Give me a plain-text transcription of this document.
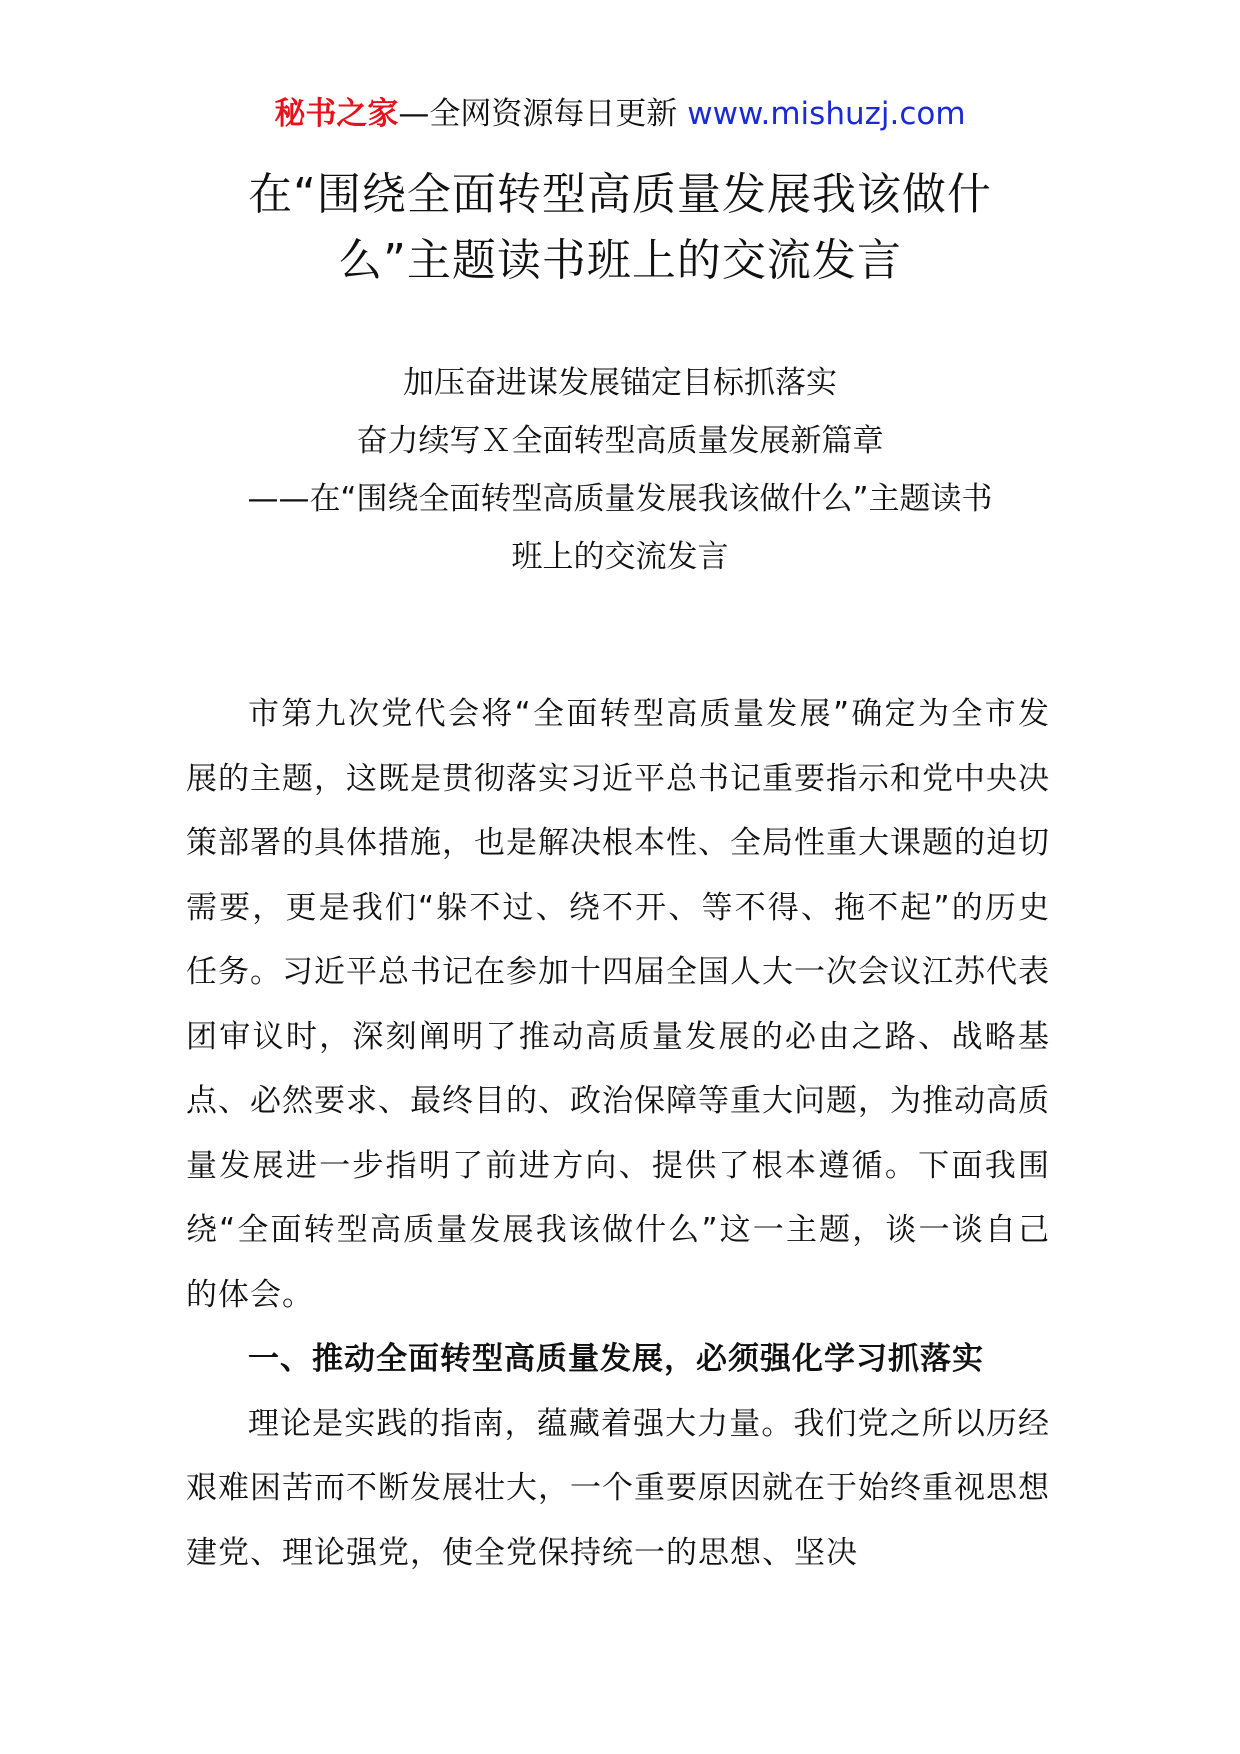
秘书之家—全网资源每日更新 www.mishuzj.com
在“围绕全面转型高质量发展我该做什
么”主题读书班上的交流发言
加压奋进谋发展锚定目标抓落实
奋力续写Ｘ全面转型高质量发展新篇章
——在“围绕全面转型高质量发展我该做什么”主题读书
班上的交流发言

市第九次党代会将“全面转型高质量发展”确定为全市发展的主题，这既是贯彻落实习近平总书记重要指示和党中央决策部署的具体措施，也是解决根本性、全局性重大课题的迫切需要，更是我们“躲不过、绕不开、等不得、拖不起”的历史任务。习近平总书记在参加十四届全国人大一次会议江苏代表团审议时，深刻阐明了推动高质量发展的必由之路、战略基点、必然要求、最终目的、政治保障等重大问题，为推动高质量发展进一步指明了前进方向、提供了根本遵循。下面我围绕“全面转型高质量发展我该做什么”这一主题，谈一谈自己的体会。

一、推动全面转型高质量发展，必须强化学习抓落实

理论是实践的指南，蕴藏着强大力量。我们党之所以历经艰难困苦而不断发展壮大，一个重要原因就在于始终重视思想建党、理论强党，使全党保持统一的思想、坚决
